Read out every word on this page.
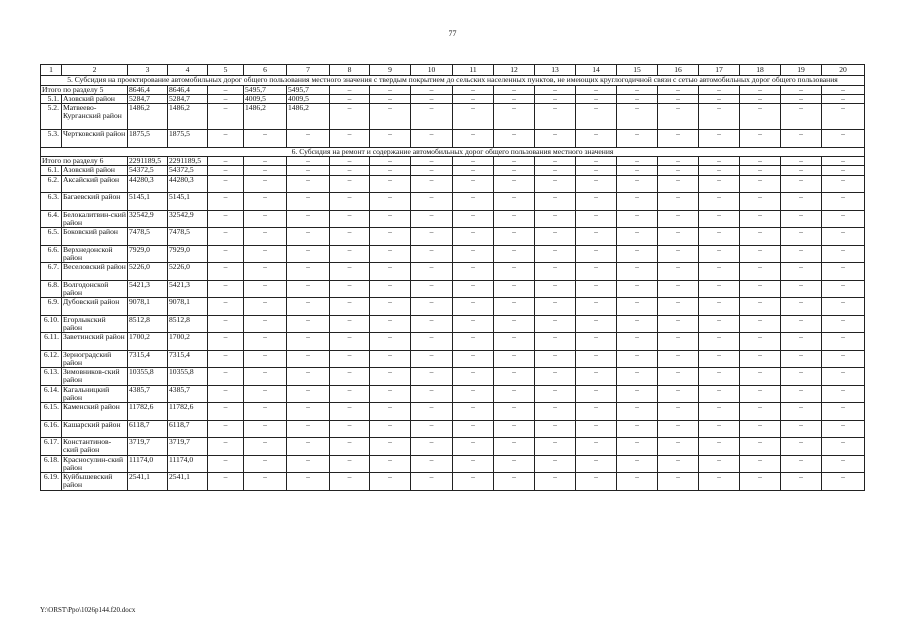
77
1	2	3	4	5	6	7	8	9	10	11	12	13	14	15	16	17	18	19	20
5. Субсидия на проектирование автомобильных дорог общего пользования местного значения с твердым покрытием до сельских населенных пунктов, не имеющих круглогодичной связи с сетью автомобильных дорог общего пользования																			
Итого по разделу 5		8646,4	8646,4	–	5495,7	5495,7	–	–	–	–	–	–	–	–	–	–	–	–	–
5.1.	Азовский район	5284,7	5284,7	–	4009,5	4009,5	–	–	–	–	–	–	–	–	–	–	–	–	–
5.2.	Матвеево-Курганский район	1486,2	1486,2	–	1486,2	1486,2	–	–	–	–	–	–	–	–	–	–	–	–	–
5.3.	Чертковский район	1875,5	1875,5	–	–	–	–	–	–	–	–	–	–	–	–	–	–	–	–
6. Субсидия на ремонт и содержание автомобильных дорог общего пользования местного значения																			
Итого по разделу 6		2291189,5	2291189,5	–	–	–	–	–	–	–	–	–	–	–	–	–	–	–	–
6.1.	Азовский район	54372,5	54372,5	–	–	–	–	–	–	–	–	–	–	–	–	–	–	–	–
6.2.	Аксайский район	44280,3	44280,3	–	–	–	–	–	–	–	–	–	–	–	–	–	–	–	–
6.3.	Багаевский район	5145,1	5145,1	–	–	–	–	–	–	–	–	–	–	–	–	–	–	–	–
6.4.	Белокалитвин-ский район	32542,9	32542,9	–	–	–	–	–	–	–	–	–	–	–	–	–	–	–	–
6.5.	Боковский район	7478,5	7478,5	–	–	–	–	–	–	–	–	–	–	–	–	–	–	–	–
6.6.	Верхнедонской район	7929,0	7929,0	–	–	–	–	–	–	–	–	–	–	–	–	–	–	–	–
6.7.	Веселовский район	5226,0	5226,0	–	–	–	–	–	–	–	–	–	–	–	–	–	–	–	–
6.8.	Волгодонской район	5421,3	5421,3	–	–	–	–	–	–	–	–	–	–	–	–	–	–	–	–
6.9.	Дубовский район	9078,1	9078,1	–	–	–	–	–	–	–	–	–	–	–	–	–	–	–	–
6.10.	Егорлыкский район	8512,8	8512,8	–	–	–	–	–	–	–	–	–	–	–	–	–	–	–	–
6.11.	Заветинский район	1700,2	1700,2	–	–	–	–	–	–	–	–	–	–	–	–	–	–	–	–
6.12.	Зерноградский район	7315,4	7315,4	–	–	–	–	–	–	–	–	–	–	–	–	–	–	–	–
6.13.	Зимовников-ский район	10355,8	10355,8	–	–	–	–	–	–	–	–	–	–	–	–	–	–	–	–
6.14.	Кагальницкий район	4385,7	4385,7	–	–	–	–	–	–	–	–	–	–	–	–	–	–	–	–
6.15.	Каменский район	11782,6	11782,6	–	–	–	–	–	–	–	–	–	–	–	–	–	–	–	–
6.16.	Кашарский район	6118,7	6118,7	–	–	–	–	–	–	–	–	–	–	–	–	–	–	–	–
6.17.	Константинов-ский район	3719,7	3719,7	–	–	–	–	–	–	–	–	–	–	–	–	–	–	–	–
6.18.	Красносулин-ский район	11174,0	11174,0	–	–	–	–	–	–	–	–	–	–	–	–	–	–	–	–
6.19.	Куйбышевский район	2541,1	2541,1	–	–	–	–	–	–	–	–	–	–	–	–	–	–	–	–
Y:\ORST\Ppo\1026p144.f20.docx
